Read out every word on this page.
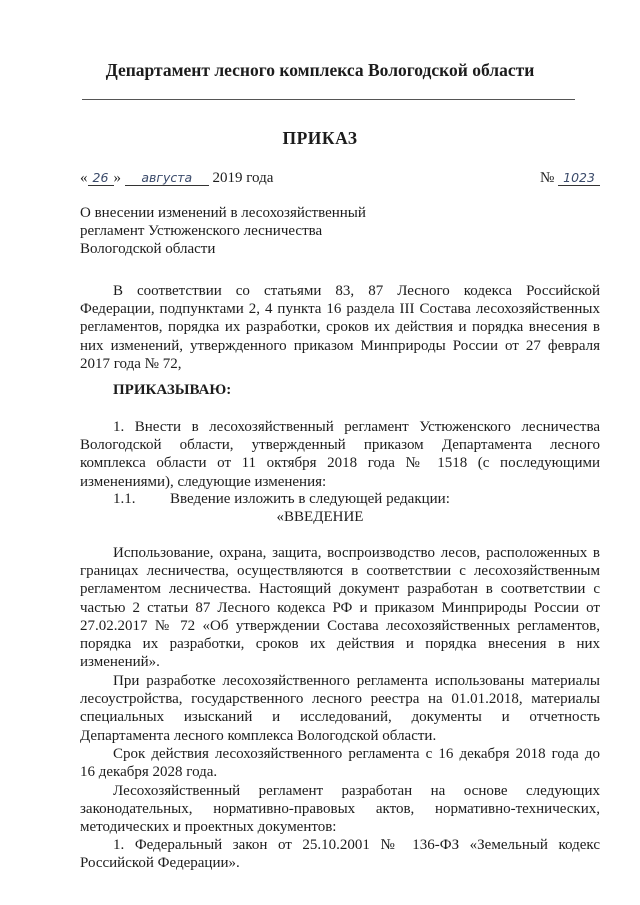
Департамент лесного комплекса Вологодской области
ПРИКАЗ
« 26 » августа 2019 года	№ 1023
О внесении изменений в лесохозяйственный
регламент Устюженского лесничества
Вологодской области
В соответствии со статьями 83, 87 Лесного кодекса Российской
Федерации, подпунктами 2, 4 пункта 16 раздела III Состава лесохозяйственных
регламентов, порядка их разработки, сроков их действия и порядка внесения в
них изменений, утвержденного приказом Минприроды России от 27 февраля
2017 года № 72,
ПРИКАЗЫВАЮ:
1. Внести в лесохозяйственный регламент Устюженского лесничества
Вологодской области, утвержденный приказом Департамента лесного
комплекса области от 11 октября 2018 года № 1518 (с последующими
изменениями), следующие изменения:
1.1. Введение изложить в следующей редакции:
«ВВЕДЕНИЕ
Использование, охрана, защита, воспроизводство лесов, расположенных в
границах лесничества, осуществляются в соответствии с лесохозяйственным
регламентом лесничества. Настоящий документ разработан в соответствии с
частью 2 статьи 87 Лесного кодекса РФ и приказом Минприроды России от
27.02.2017 № 72 «Об утверждении Состава лесохозяйственных регламентов,
порядка их разработки, сроков их действия и порядка внесения в них
изменений».
При разработке лесохозяйственного регламента использованы материалы
лесоустройства, государственного лесного реестра на 01.01.2018, материалы
специальных изысканий и исследований, документы и отчетность
Департамента лесного комплекса Вологодской области.
Срок действия лесохозяйственного регламента с 16 декабря 2018 года до
16 декабря 2028 года.
Лесохозяйственный регламент разработан на основе следующих
законодательных, нормативно-правовых актов, нормативно-технических,
методических и проектных документов:
1. Федеральный закон от 25.10.2001 № 136-ФЗ «Земельный кодекс
Российской Федерации».
